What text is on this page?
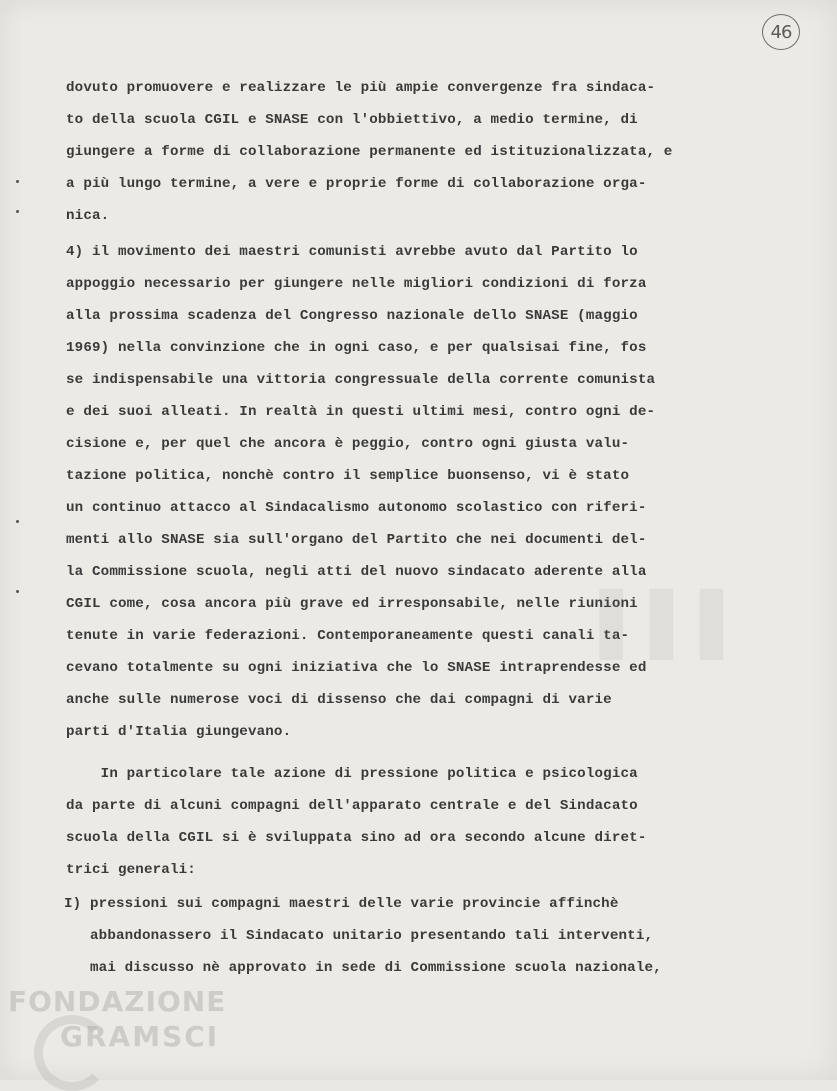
46
dovuto promuovere e realizzare le più ampie convergenze fra sindaca-
to della scuola CGIL e SNASE con l'obbiettivo, a medio termine, di
giungere a forme di collaborazione permanente ed istituzionalizzata, e
a più lungo termine, a vere e proprie forme di collaborazione orga-
nica.
4) il movimento dei maestri comunisti avrebbe avuto dal Partito lo
appoggio necessario per giungere nelle migliori condizioni di forza
alla prossima scadenza del Congresso nazionale dello SNASE (maggio
1969) nella convinzione che in ogni caso, e per qualsisai fine, fos
se indispensabile una vittoria congressuale della corrente comunista
e dei suoi alleati. In realtà in questi ultimi mesi, contro ogni de-
cisione e, per quel che ancora è peggio, contro ogni giusta valu-
tazione politica, nonchè contro il semplice buonsenso, vi è stato
un continuo attacco al Sindacalismo autonomo scolastico con riferi-
menti allo SNASE sia sull'organo del Partito che nei documenti del-
la Commissione scuola, negli atti del nuovo sindacato aderente alla
CGIL come, cosa ancora più grave ed irresponsabile, nelle riunioni
tenute in varie federazioni. Contemporaneamente questi canali ta-
cevano totalmente su ogni iniziativa che lo SNASE intraprendesse ed
anche sulle numerose voci di dissenso che dai compagni di varie
parti d'Italia giungevano.
In particolare tale azione di pressione politica e psicologica
da parte di alcuni compagni dell'apparato centrale e del Sindacato
scuola della CGIL si è sviluppata sino ad ora secondo alcune diret-
trici generali:
I) pressioni sui compagni maestri delle varie provincie affinchè
abbandonassero il Sindacato unitario presentando tali interventi,
mai discusso nè approvato in sede di Commissione scuola nazionale,
▌▌▌
FONDAZIONE
GRAMSCI
